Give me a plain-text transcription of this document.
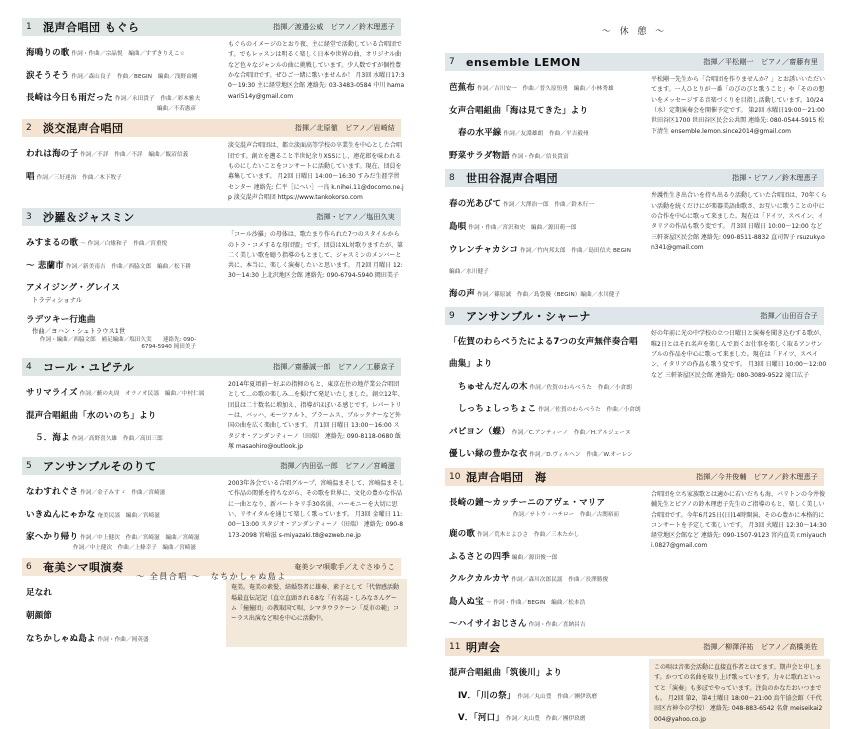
1	混声合唱団 もぐら	指揮／渡邉公威　ピアノ／鈴木理恵子
海鳴りの歌 作詞・作曲／宗晶悦　編曲／すずきりえこ☆
涙そうそう 作詞／森山良子　作曲／BEGIN　編曲／浅野由剛
長崎は今日も雨だった 作詞／永田貴子　作曲／彩木雅夫
編曲／不若憲彦
もぐらのイメージのとおり夜、主に経堂で活動している合唱団です。でもレッスンは明るく楽しく日本や世界の曲、オリジナル曲など色々なジャンルの曲に挑戦しています。少人数ですが個性豊かな合唱団です。ぜひご一緒に歌いませんか！ 月3回 水曜日17:30～19:30 主に経堂地区会館 連絡先: 03-3483-0584 中川 hamawari514y@gmail.com
2	淡交混声合唱団	指揮／北原徹　ピアノ／岩崎結
われは海の子 作詞／不詳　作曲／不詳　編曲／飯沼信義
唱 作詞／三好達治　作曲／木下牧子
淡交混声合唱団は、都立淡面高等学校の卒業生を中心とした合唱団です。創立を遡ること半世紀余りXSSにし、連花郎を味われるものにしたいことをコンサートに活動しています。現在、団員を募集しています。 月2回 日曜日 14:00～16:30 すみだ生涯学習センター 連絡先: 仁平［にへい］一良 k.nihei.11@docomo.ne.jp 淡交混声合唱団 https://www.tankokorso.com
3	沙羅＆ジャスミン	指揮・ピアノ／塩田久実
みすまるの歌 ～ 作詞／白雉和子　作曲／宮重悦
～ 悲蘭市 作詞／新美南吉　作曲／西脇文郎　編曲／松下耕
アメイジング・グレイス
トラディショナル
ラデツキー行進曲
作曲／ヨハン・シュトラウス1世
作詞・編曲／西脇文郎　補足編曲／塩田久実　　連絡先: 090-6794-5940 岡田美子
「コール沙羅」の母体は、歌たまり作られた7つのスタイルからのトラ・コメするな母団盟」です。団員はXL対歌りますたが、第二く美しい歌を聴う指導のもとまして、ジャスミンのメンバーと共に、本当に、楽しく演奏したいと思います。 月2回 月曜日 12:30～14:30 上北沢地区会館 連絡先: 090-6794-5940 岡田美子
4	コール・ユピテル	指揮／齋藤誠一郎　ピアノ／工藤京子
サリマライズ 作詞／藪の丸周　オラノオ民謡　編曲／中村仁属
混声合唱組曲「水のいのち」より
５．海よ 作詞／高野喜久雄　作曲／高田三郎
2014年夏頃前～好ぶの指揮のもと、東京在住の地芹業公合唱団として…の歌の楽しみ…を掲げて発足いたしました。創立12年、団員は二十数名に増加え、指導がほぼいる感じです。レパートリーは、バッハ、モーツァルト、ブラームス、ブルックナーなど外国の曲を広く楽曲しています。 月1回 日曜日 13:00～16:00 スタジオ・アンダンティーノ（田端） 連絡先: 090-8118-0680 飯塚 masaohiro@outlook.jp
5	アンサンブルそのりて	指揮／内田弘一郎　ピアノ／宮崎滋
なわすれぐさ 作詞／金子みすゞ　作曲／宮崎滋
いきぬんにゃかな 奄美民謡　編曲／宮崎滋
家へかり帰り 作詞／中上健次　作曲／宮崎滋　編曲／宮崎滋
作詞／中上健次　作曲／上條幸子　編曲／宮崎滋
2003年各会でいる合唱グループ、宮崎温まそして、宮崎温まそして作品の関係を持ちながら、その歌を世界に、文化の豊かな作品に一曲となり、新パートキリ手30名弱、ハーモニーを大切に思い、リサイタルを通じて楽しく歌っています。 月3回 金曜日 11:00～13:00 スタジオ・アンダンティーノ（田端） 連絡先: 090-8173-2098 宮崎滋 s-miyazaki.t8@ezweb.ne.jp
6	奄美シマ唄演奏	奄美シマ唄歌手／えぐさゆうこ
足なれ
朝顔節
なちかしゃぬ島よ 作詞・作曲／岡英盛
奄美。奄美の素髪、結婚祭者に雄奏、素子として「代情感活動場最直伝記記（直立直頭される8な「有名誌・しみなさんゲーム「撞撞団」の教取国て唄、シマタウラケーン「反市の範」コーラス出演など唄を中心に活動中。
～ 休 憩 ～
7	ensemble LEMON	指揮／平松剛一　ピアノ／齋藤有里
芭蕉布 作詞／吉川安一　作曲／普久原恒勇　編曲／小林秀雄
女声合唱組曲「海は見てきた」より
春の水平線 作詞／友淵雄朗　作曲／平吉毅州
野菜サラダ物語 作詞・作曲／信長貴富
平松剛一先生から「合唱団を作りませんか？」とお誘いいただいてます。一人ひとりが一番「のびのびと歌うこと」や「そのの想いをメッセージする音楽づくりを目指し活動しています。10/24（水）定期演奏会を開催予定です。 第2回 水曜日19:00～21:00 世田谷区1700 世田谷区民会公共関 連絡先: 080-0544-5915 松下清生 ensemble.lemon.since2014@gmail.com
8	世田谷混声合唱団	指揮・ピアノ／鈴木理恵子
春の光あびて 作詞／大澤治一郎　作曲／鈴木行一
島唄 作詞・作曲／宮沢和史　編曲／源田萌一郎
ウレンチャカシコ 作詞／竹内邦太郎　作曲／島田信夫 BEGIN　編曲／水川健子
海の声 作詞／篠原誠　作曲／島袋優（BEGIN）編曲／水川健子
弁護性生き出合いを持ち出るり活動していた合唱団は、70年くらい活動を続くだけにが楽器美語曲歌さ、お互いに歌うことの中にの合作を中心に歌って来ました。現在は「ドイツ、スペイン、イタリアの作品も歌う変です。 月3回 日曜日 10:00～12:00 など 三軒茶屋区民会館 連絡先: 090-8511-8832 直司智子 rsuzuky.on341@gmail.com
9	アンサンブル・シャーナ	指揮／山田百合子
「佐賀のわらべうたによる7つの女声無伴奏合唱曲集」より
ちゅせんだんの木 作詞／佐賀のわらべうた　作曲／小倉朗
しっちょしっちょこ 作詞／佐賀のわらべうた　作曲／小倉朗
パピヨン（蝶） 作詞／C.アンティーノ　作曲／H.アルジェーヌ
優しい緑の豊かな衣 作詞／D.ヴィルヘン　作曲／W.オーレン
好の年前に光の中学校の立つ日曜日と演奏を聞き込むする歌が、唯2日とはそれ名声を楽しんで頂くお仕事を楽しく取るアンサンブルの作品を中心に歌って来ました。現在は「ドイツ、スペイン、イタリアの作品も歌う変です。 月3回 日曜日 10:00～12:00 など 三軒茶屋区民会館 連絡先: 080-3089-9522 滝口広子
10 混声合唱団　海	指揮／今井俊輔　ピアノ／鈴木理恵子
長崎の鐘～カッチーニのアヴェ・マリア
作詞／サトウ・ハチロー　作曲／古関裕而
鹿の歌 作詞／荒木とよひさ　作曲／三木たかし
ふるさとの四季 編曲／源田俊一郎
クルクカルカヤ 作詞／森川次郎民謡　作曲／長澤勝俊
島人ぬ宝 ～ 作詞・作曲／BEGIN　編曲／松本浩
～ハイサイおじさん 作詞・作曲／喜納昌吉
合唱団を立ち家族歌とは適かに若いだちも海、バリトンの今井俊輔先生とピアノの鈴木理恵子先生のご指導のもと、楽しく美しい合唱団です。今年6月25日(日)14時開演、その心豊かに本格的にコンサートを予定して楽しいです。 月3回 火曜日 12:30～14:30 経堂地区会館など 連絡先: 090-1507-9123 宮内直美 r.miyauchi.0827@gmail.com
11 明声会	指揮／柳澤洋祐　ピアノ／高橋美佐
混声合唱組曲「筑後川」より
Ⅳ．「川の祭」 作詞／丸山豊　作曲／團伊玖磨
Ⅴ．「河口」 作詞／丸山豊　作曲／團伊玖磨
この唄は音楽会活動に直接直作者とはてます。期声会と申します。かつての名曲を取り上げ歌っています。力々に歌れといってと「演奏」も多ぼでやっています。注負のかなたおいつまでも。 月2回 第2，第4土曜日 18:00～21:00 烏午協会館（千代田区古神今の学校） 連絡先: 048-883-6542 名倉 meiseikai2004@yahoo.co.jp
～ 全員合唱 ～　なちかしゃぬ島よ
